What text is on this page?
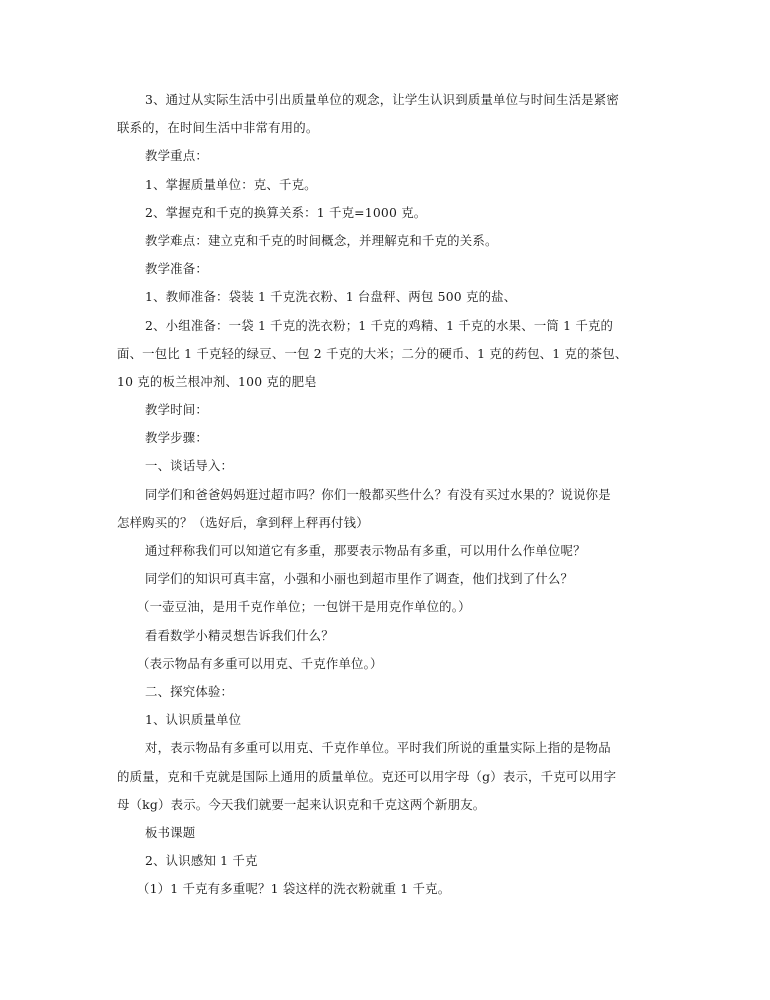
3、通过从实际生活中引出质量单位的观念，让学生认识到质量单位与时间生活是紧密
联系的，在时间生活中非常有用的。
教学重点：
1、掌握质量单位：克、千克。
2、掌握克和千克的换算关系：1 千克=1000 克。
教学难点：建立克和千克的时间概念，并理解克和千克的关系。
教学准备：
1、教师准备：袋装 1 千克洗衣粉、1 台盘秤、两包 500 克的盐、
2、小组准备：一袋 1 千克的洗衣粉；1 千克的鸡精、1 千克的水果、一筒 1 千克的
面、一包比 1 千克轻的绿豆、一包 2 千克的大米；二分的硬币、1 克的药包、1 克的茶包、
10 克的板兰根冲剂、100 克的肥皂
教学时间：
教学步骤：
一、谈话导入：
同学们和爸爸妈妈逛过超市吗？你们一般都买些什么？有没有买过水果的？说说你是
怎样购买的？（选好后，拿到秤上秤再付钱）
通过秤称我们可以知道它有多重，那要表示物品有多重，可以用什么作单位呢？
同学们的知识可真丰富，小强和小丽也到超市里作了调查，他们找到了什么？
（一壶豆油，是用千克作单位；一包饼干是用克作单位的。）
看看数学小精灵想告诉我们什么？
（表示物品有多重可以用克、千克作单位。）
二、探究体验：
1、认识质量单位
对，表示物品有多重可以用克、千克作单位。平时我们所说的重量实际上指的是物品
的质量，克和千克就是国际上通用的质量单位。克还可以用字母（g）表示，千克可以用字
母（kg）表示。今天我们就要一起来认识克和千克这两个新朋友。
板书课题
2、认识感知 1 千克
（1）1 千克有多重呢？1 袋这样的洗衣粉就重 1 千克。
